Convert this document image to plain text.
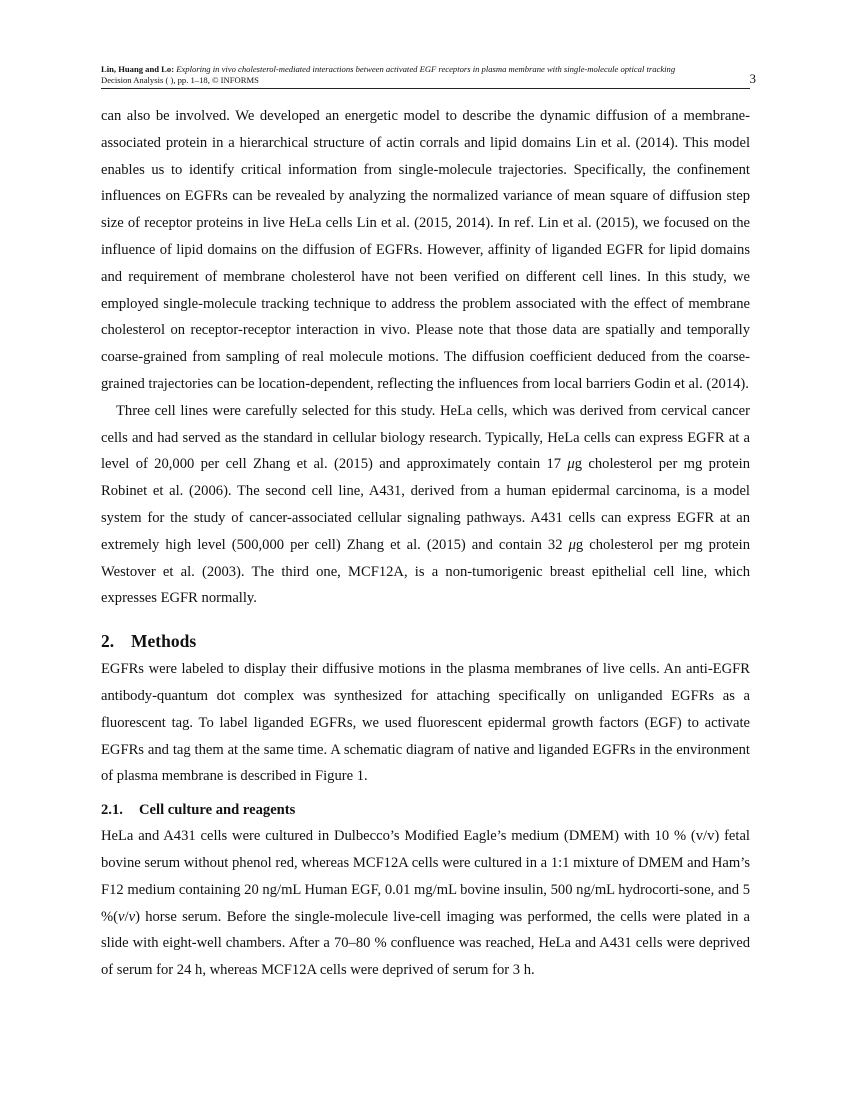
Lin, Huang and Lo: Exploring in vivo cholesterol-mediated interactions between activated EGF receptors in plasma membrane with single-molecule optical tracking
Decision Analysis ( ), pp. 1–18, © INFORMS	3

can also be involved. We developed an energetic model to describe the dynamic diffusion of a membrane-associated protein in a hierarchical structure of actin corrals and lipid domains Lin et al. (2014). This model enables us to identify critical information from single-molecule trajectories. Specifically, the confinement influences on EGFRs can be revealed by analyzing the normalized variance of mean square of diffusion step size of receptor proteins in live HeLa cells Lin et al. (2015, 2014). In ref. Lin et al. (2015), we focused on the influence of lipid domains on the diffusion of EGFRs. However, affinity of liganded EGFR for lipid domains and requirement of membrane cholesterol have not been verified on different cell lines. In this study, we employed single-molecule tracking technique to address the problem associated with the effect of membrane cholesterol on receptor-receptor interaction in vivo. Please note that those data are spatially and temporally coarse-grained from sampling of real molecule motions. The diffusion coefficient deduced from the coarse-grained trajectories can be location-dependent, reflecting the influences from local barriers Godin et al. (2014).

Three cell lines were carefully selected for this study. HeLa cells, which was derived from cervical cancer cells and had served as the standard in cellular biology research. Typically, HeLa cells can express EGFR at a level of 20,000 per cell Zhang et al. (2015) and approximately contain 17 μg cholesterol per mg protein Robinet et al. (2006). The second cell line, A431, derived from a human epidermal carcinoma, is a model system for the study of cancer-associated cellular signaling pathways. A431 cells can express EGFR at an extremely high level (500,000 per cell) Zhang et al. (2015) and contain 32 μg cholesterol per mg protein Westover et al. (2003). The third one, MCF12A, is a non-tumorigenic breast epithelial cell line, which expresses EGFR normally.

2. Methods

EGFRs were labeled to display their diffusive motions in the plasma membranes of live cells. An anti-EGFR antibody-quantum dot complex was synthesized for attaching specifically on unliganded EGFRs as a fluorescent tag. To label liganded EGFRs, we used fluorescent epidermal growth factors (EGF) to activate EGFRs and tag them at the same time. A schematic diagram of native and liganded EGFRs in the environment of plasma membrane is described in Figure 1.

2.1. Cell culture and reagents

HeLa and A431 cells were cultured in Dulbecco’s Modified Eagle’s medium (DMEM) with 10 % (v/v) fetal bovine serum without phenol red, whereas MCF12A cells were cultured in a 1:1 mixture of DMEM and Ham’s F12 medium containing 20 ng/mL Human EGF, 0.01 mg/mL bovine insulin, 500 ng/mL hydrocorti-sone, and 5 %(v/v) horse serum. Before the single-molecule live-cell imaging was performed, the cells were plated in a slide with eight-well chambers. After a 70–80 % confluence was reached, HeLa and A431 cells were deprived of serum for 24 h, whereas MCF12A cells were deprived of serum for 3 h.
